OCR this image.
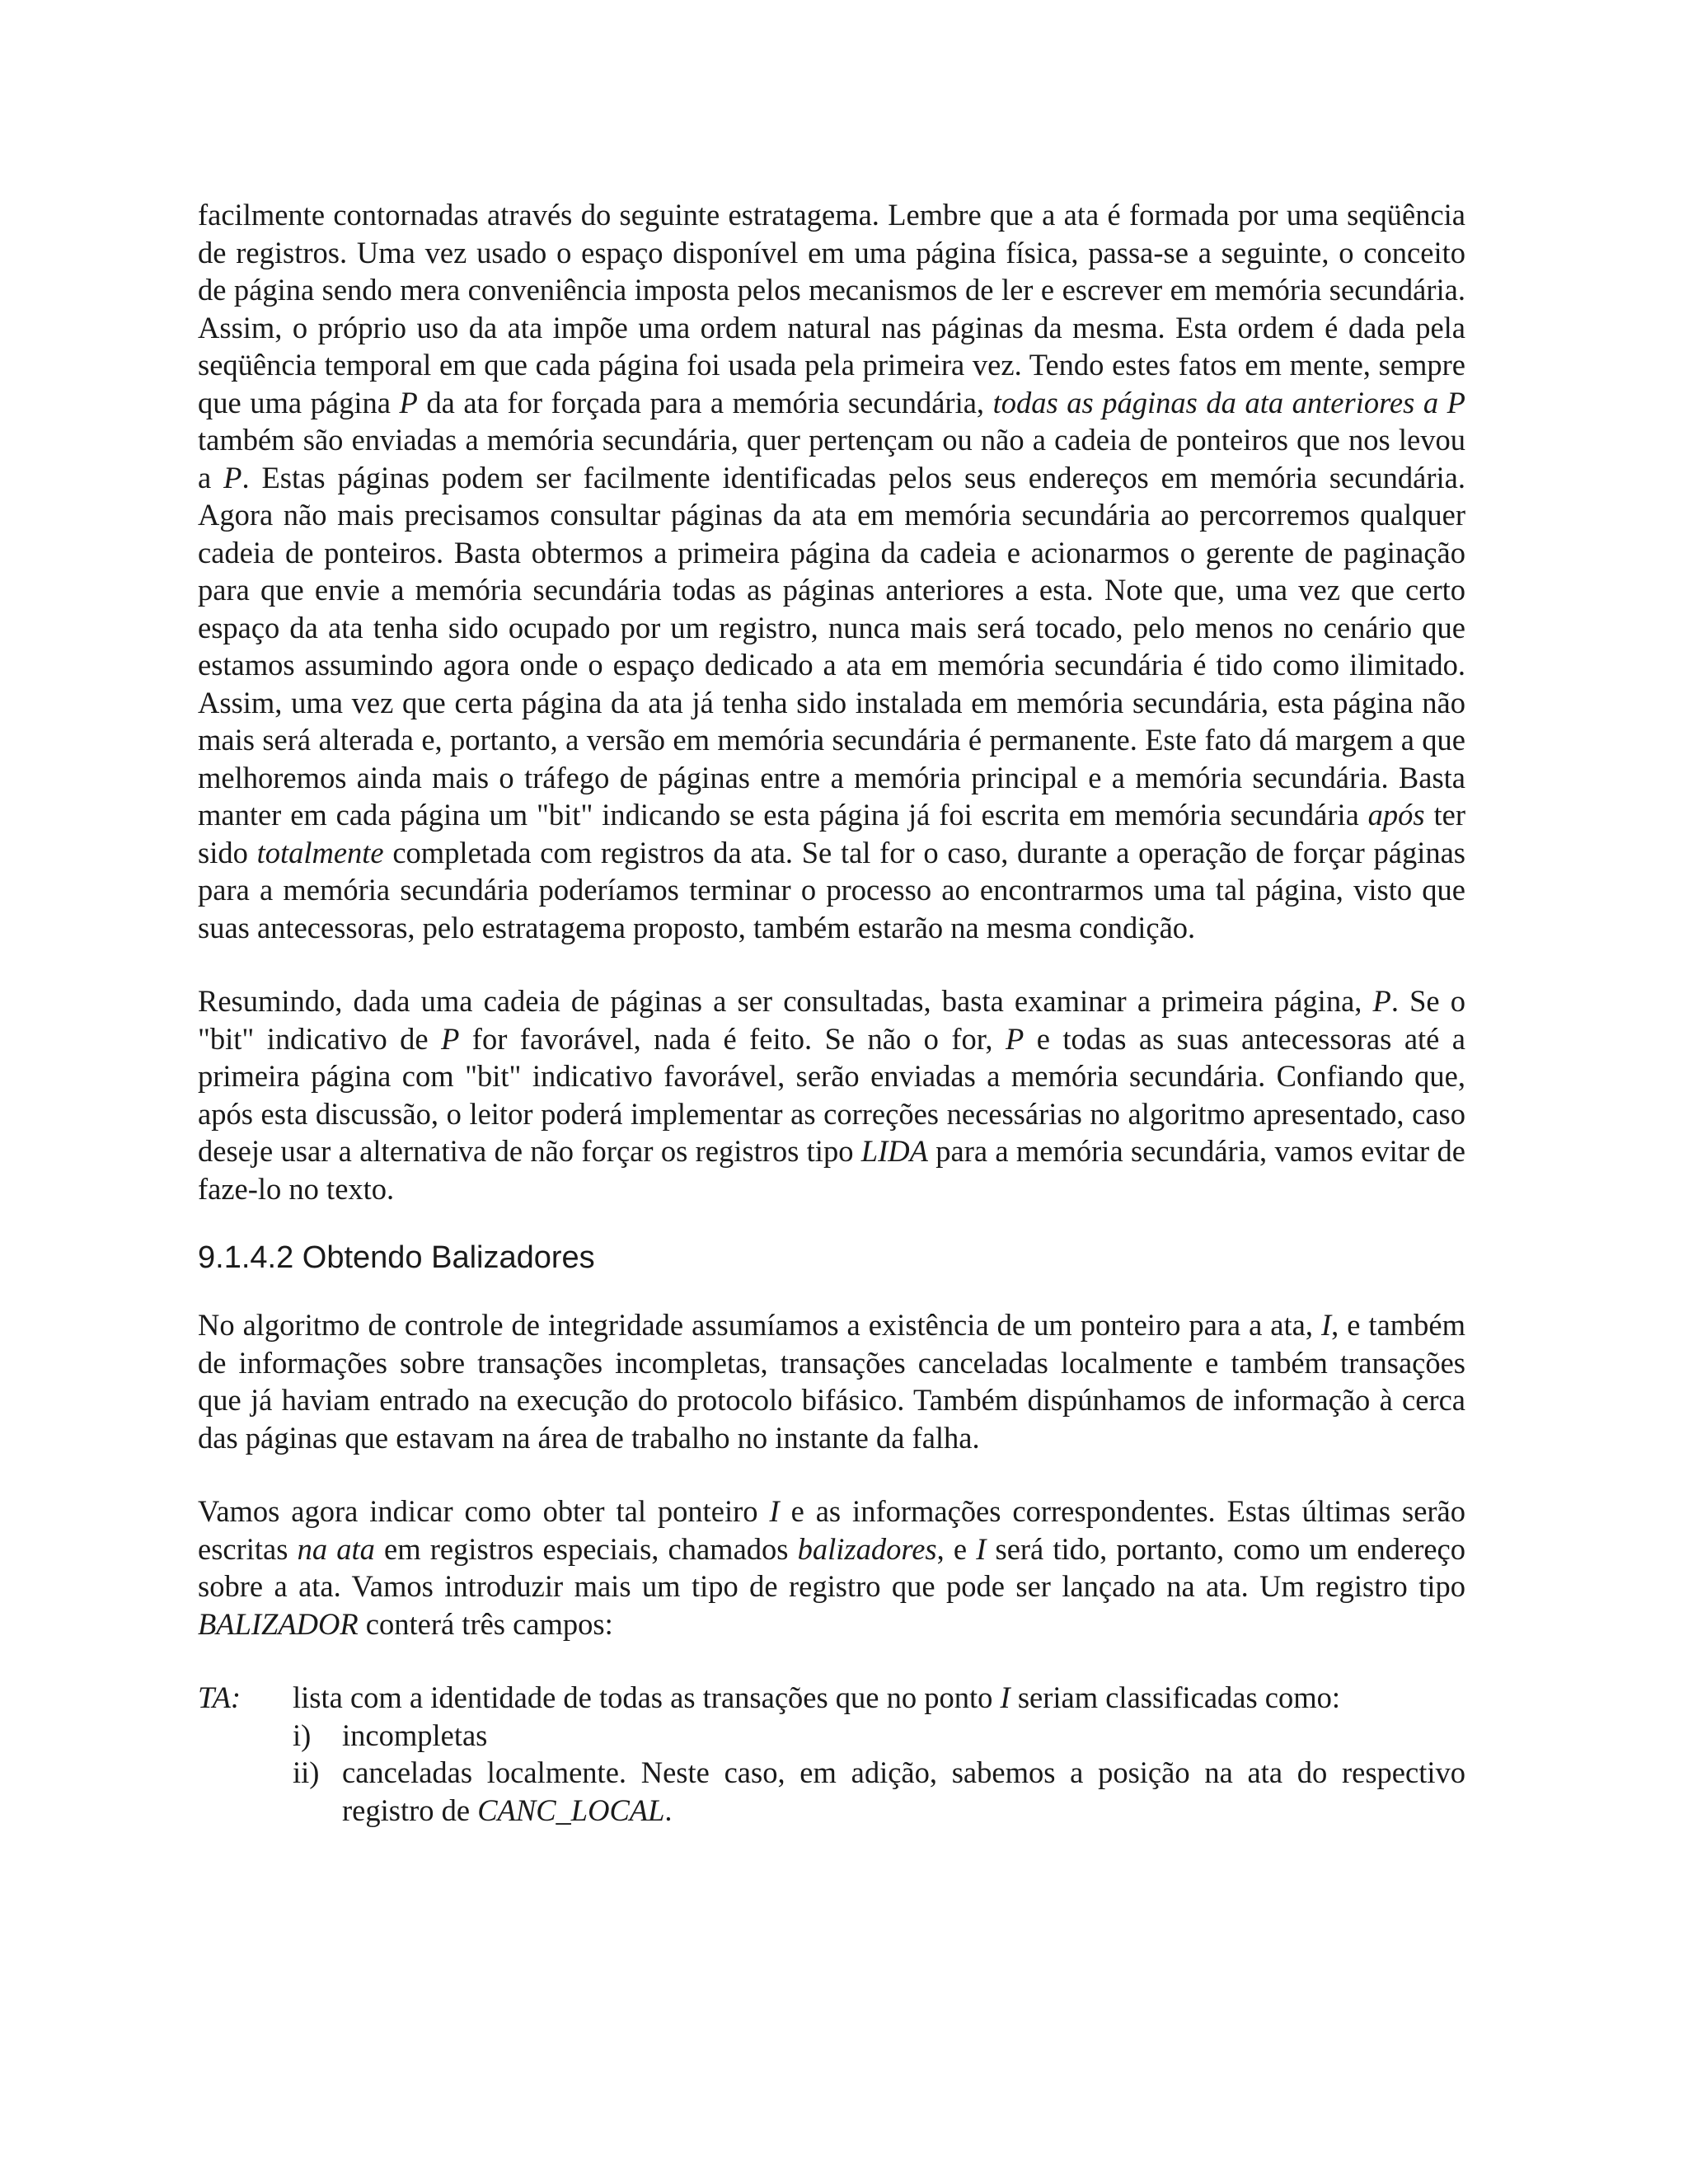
facilmente contornadas através do seguinte estratagema. Lembre que a ata é formada por uma seqüência de registros. Uma vez usado o espaço disponível em uma página física, passa-se a seguinte, o conceito de página sendo mera conveniência imposta pelos mecanismos de ler e escrever em memória secundária. Assim, o próprio uso da ata impõe uma ordem natural nas páginas da mesma. Esta ordem é dada pela seqüência temporal em que cada página foi usada pela primeira vez. Tendo estes fatos em mente, sempre que uma página P da ata for forçada para a memória secundária, todas as páginas da ata anteriores a P também são enviadas a memória secundária, quer pertençam ou não a cadeia de ponteiros que nos levou a P. Estas páginas podem ser facilmente identificadas pelos seus endereços em memória secundária. Agora não mais precisamos consultar páginas da ata em memória secundária ao percorremos qualquer cadeia de ponteiros. Basta obtermos a primeira página da cadeia e acionarmos o gerente de paginação para que envie a memória secundária todas as páginas anteriores a esta. Note que, uma vez que certo espaço da ata tenha sido ocupado por um registro, nunca mais será tocado, pelo menos no cenário que estamos assumindo agora onde o espaço dedicado a ata em memória secundária é tido como ilimitado. Assim, uma vez que certa página da ata já tenha sido instalada em memória secundária, esta página não mais será alterada e, portanto, a versão em memória secundária é permanente. Este fato dá margem a que melhoremos ainda mais o tráfego de páginas entre a memória principal e a memória secundária. Basta manter em cada página um "bit" indicando se esta página já foi escrita em memória secundária após ter sido totalmente completada com registros da ata. Se tal for o caso, durante a operação de forçar páginas para a memória secundária poderíamos terminar o processo ao encontrarmos uma tal página, visto que suas antecessoras, pelo estratagema proposto, também estarão na mesma condição.

Resumindo, dada uma cadeia de páginas a ser consultadas, basta examinar a primeira página, P. Se o "bit" indicativo de P for favorável, nada é feito. Se não o for, P e todas as suas antecessoras até a primeira página com "bit" indicativo favorável, serão enviadas a memória secundária. Confiando que, após esta discussão, o leitor poderá implementar as correções necessárias no algoritmo apresentado, caso deseje usar a alternativa de não forçar os registros tipo LIDA para a memória secundária, vamos evitar de faze-lo no texto.

9.1.4.2 Obtendo Balizadores

No algoritmo de controle de integridade assumíamos a existência de um ponteiro para a ata, I, e também de informações sobre transações incompletas, transações canceladas localmente e também transações que já haviam entrado na execução do protocolo bifásico. Também dispúnhamos de informação à cerca das páginas que estavam na área de trabalho no instante da falha.

Vamos agora indicar como obter tal ponteiro I e as informações correspondentes. Estas últimas serão escritas na ata em registros especiais, chamados balizadores, e I será tido, portanto, como um endereço sobre a ata. Vamos introduzir mais um tipo de registro que pode ser lançado na ata. Um registro tipo BALIZADOR conterá três campos:

TA:	lista com a identidade de todas as transações que no ponto I seriam classificadas como:
i)	incompletas
ii) canceladas localmente. Neste caso, em adição, sabemos a posição na ata do respectivo registro de CANC_LOCAL.
